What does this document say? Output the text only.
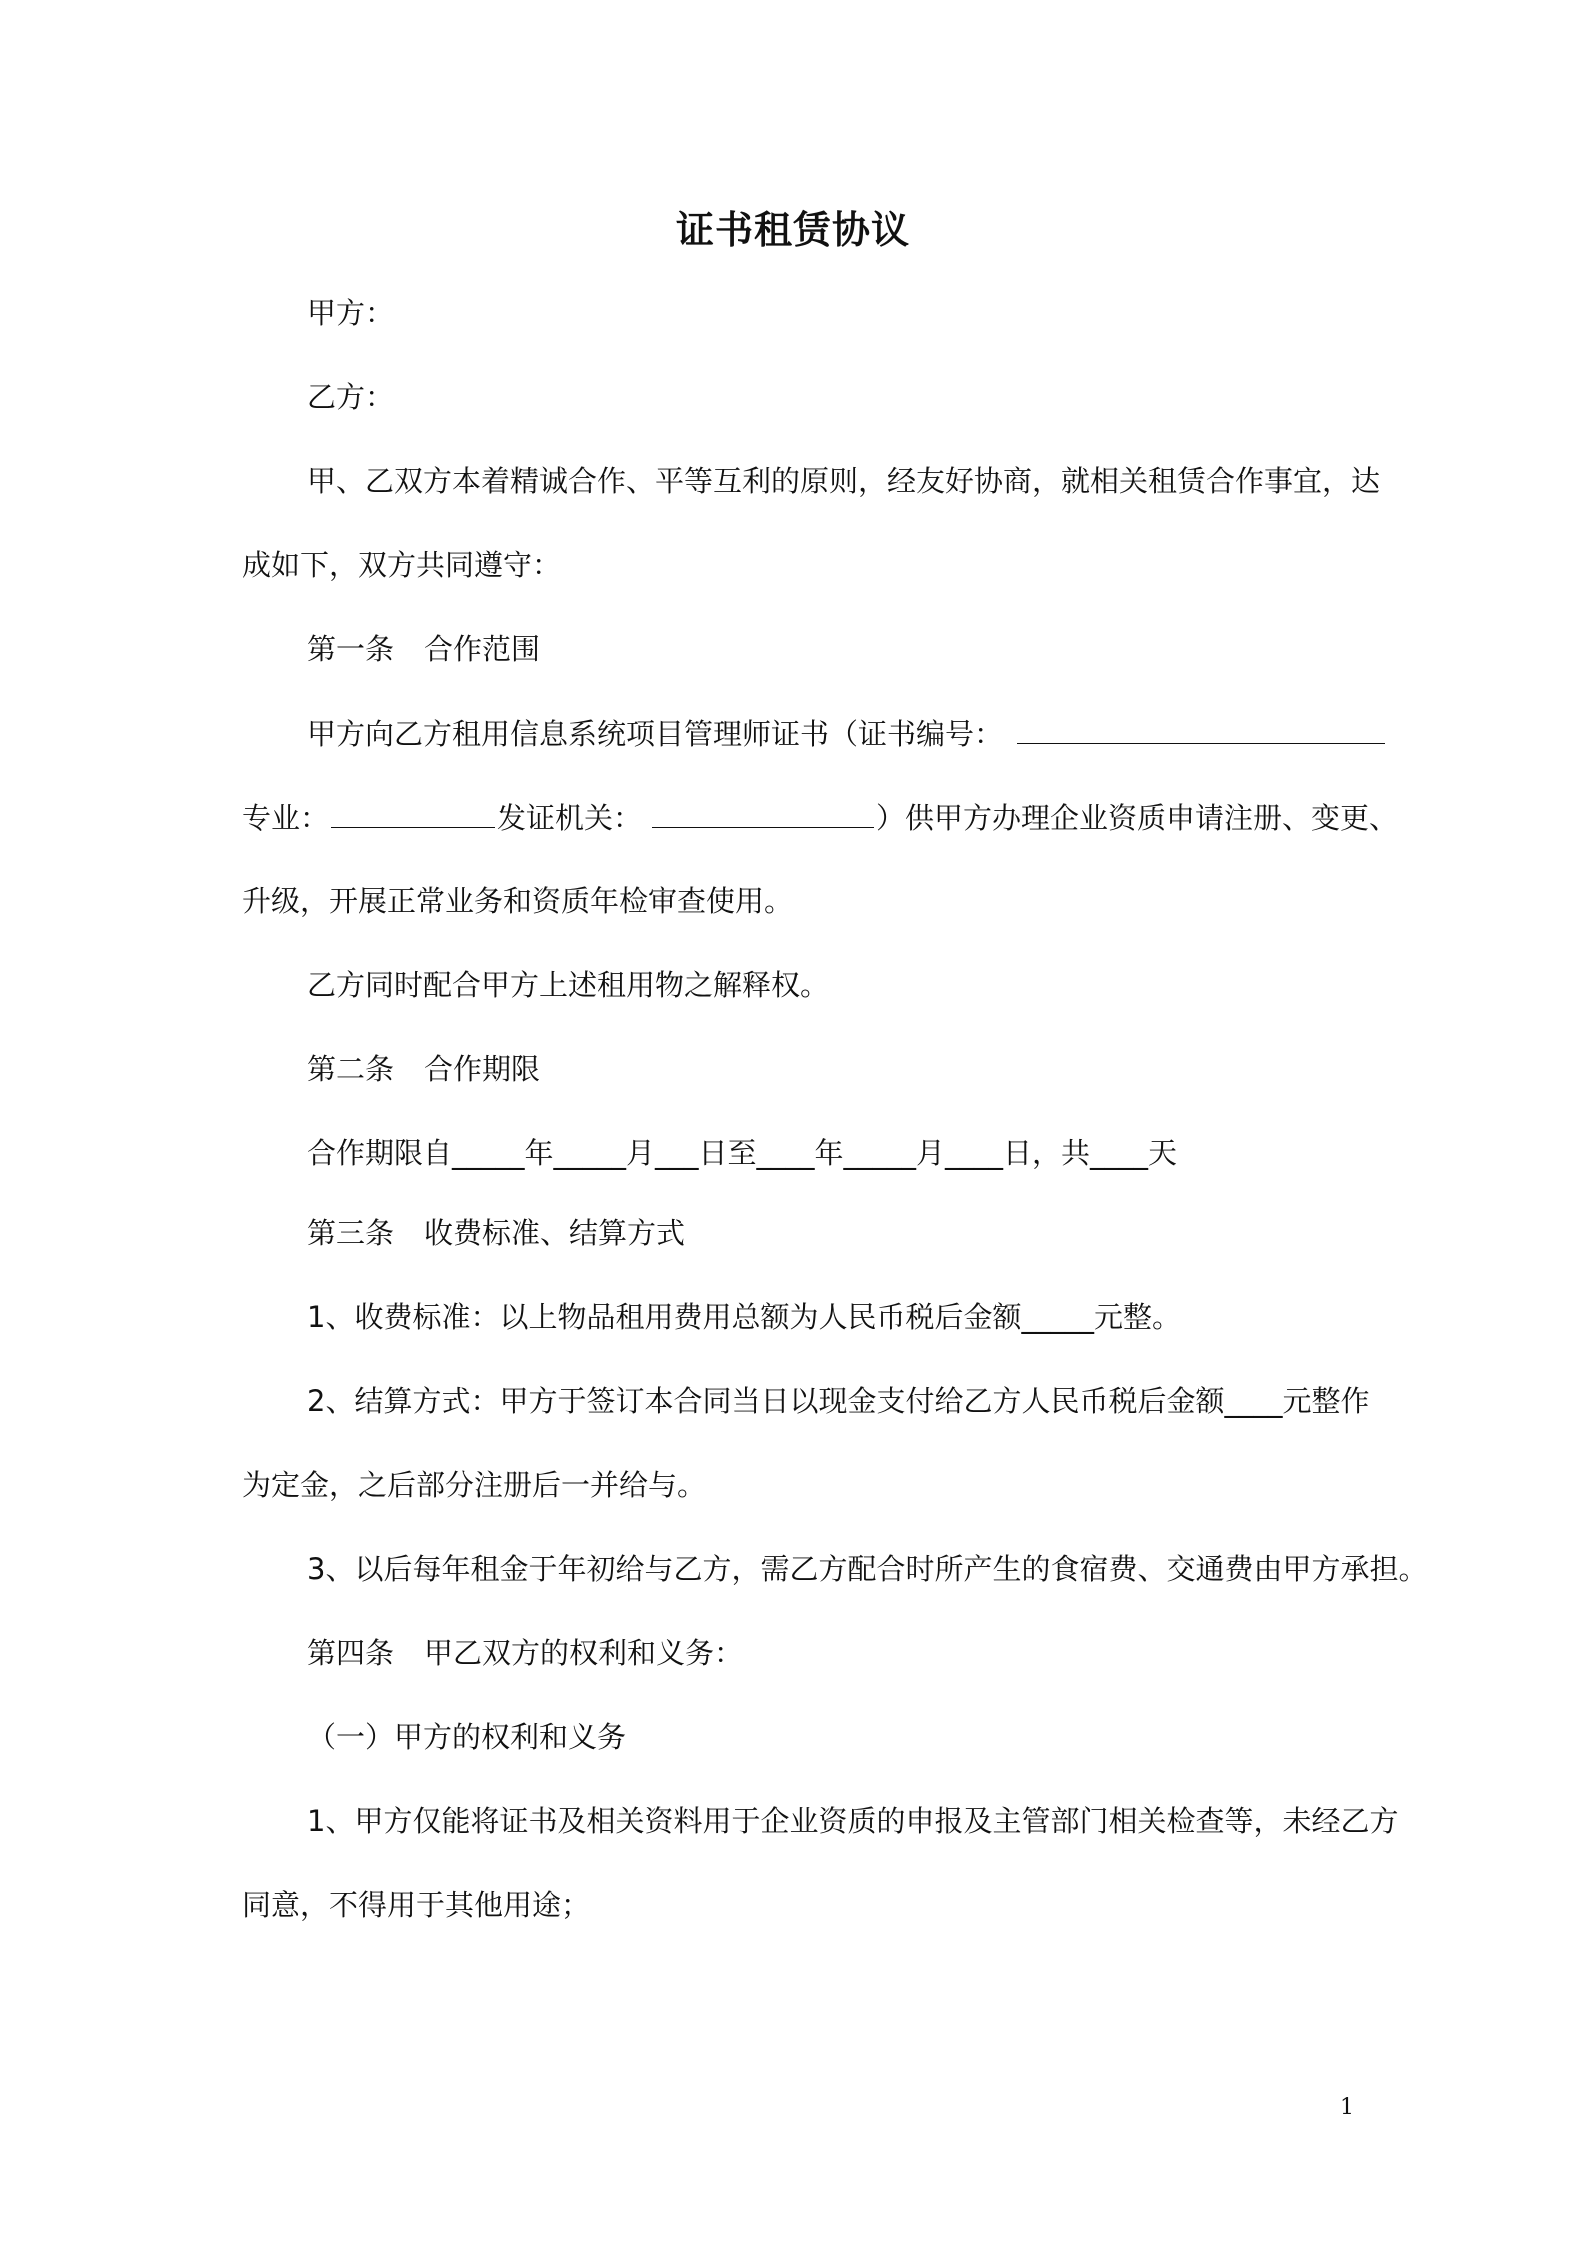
证书租赁协议
甲方：
乙方：
甲、乙双方本着精诚合作、平等互利的原则，经友好协商，就相关租赁合作事宜，达
成如下，双方共同遵守：
第一条 合作范围
甲方向乙方租用信息系统项目管理师证书（证书编号：
专业：	发证机关：	）供甲方办理企业资质申请注册、变更、
升级，开展正常业务和资质年检审查使用。
乙方同时配合甲方上述租用物之解释权。
第二条 合作期限
合作期限自_____年_____月___日至____年_____月____日，共____天
第三条 收费标准、结算方式
1、收费标准：以上物品租用费用总额为人民币税后金额_____元整。
2、结算方式：甲方于签订本合同当日以现金支付给乙方人民币税后金额____元整作
为定金，之后部分注册后一并给与。
3、以后每年租金于年初给与乙方，需乙方配合时所产生的食宿费、交通费由甲方承担。
第四条 甲乙双方的权利和义务：
（一）甲方的权利和义务
1、甲方仅能将证书及相关资料用于企业资质的申报及主管部门相关检查等，未经乙方
同意，不得用于其他用途；
1
